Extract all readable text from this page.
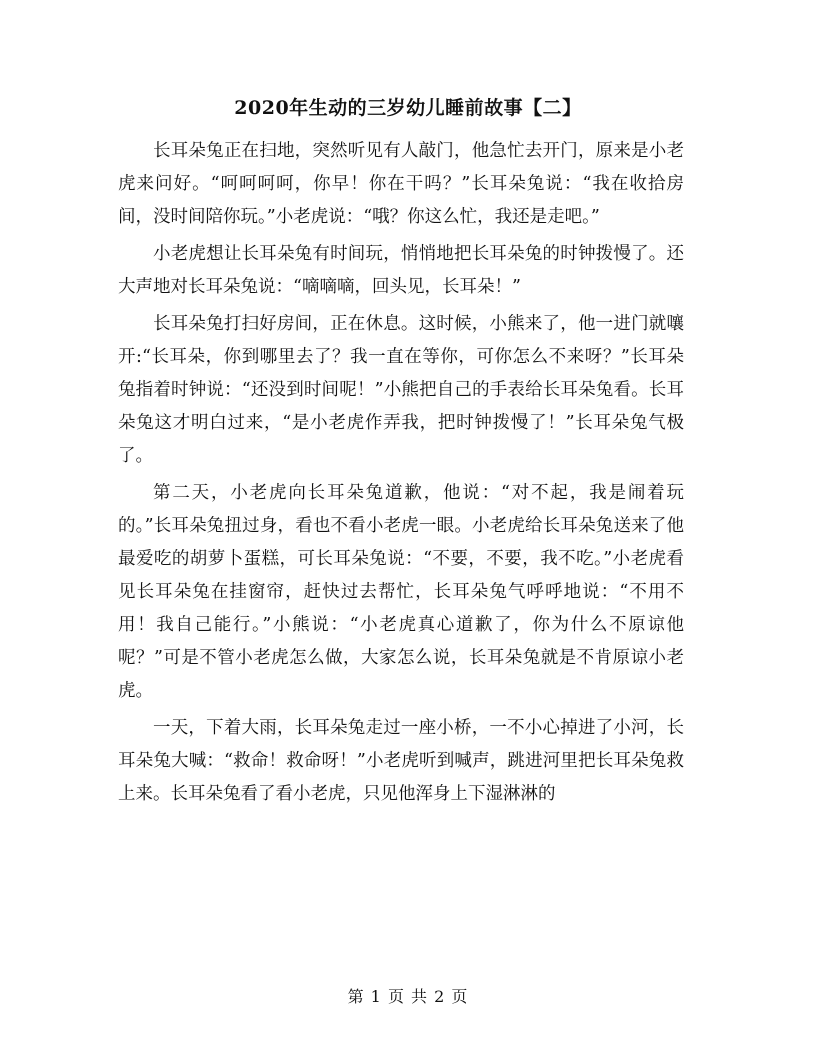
2020年生动的三岁幼儿睡前故事【二】

长耳朵兔正在扫地，突然听见有人敲门，他急忙去开门，原来是小老虎来问好。“呵呵呵呵，你早！你在干吗？”长耳朵兔说：“我在收拾房间，没时间陪你玩。”小老虎说：“哦？你这么忙，我还是走吧。”

小老虎想让长耳朵兔有时间玩，悄悄地把长耳朵兔的时钟拨慢了。还大声地对长耳朵兔说：“嘀嘀嘀，回头见，长耳朵！”

长耳朵兔打扫好房间，正在休息。这时候，小熊来了，他一进门就嚷开:“长耳朵，你到哪里去了？我一直在等你，可你怎么不来呀？”长耳朵兔指着时钟说：“还没到时间呢！”小熊把自己的手表给长耳朵兔看。长耳朵兔这才明白过来，“是小老虎作弄我，把时钟拨慢了！”长耳朵兔气极了。

第二天，小老虎向长耳朵兔道歉，他说：“对不起，我是闹着玩的。”长耳朵兔扭过身，看也不看小老虎一眼。小老虎给长耳朵兔送来了他最爱吃的胡萝卜蛋糕，可长耳朵兔说：“不要，不要，我不吃。”小老虎看见长耳朵兔在挂窗帘，赶快过去帮忙，长耳朵兔气呼呼地说：“不用不用！我自己能行。”小熊说：“小老虎真心道歉了，你为什么不原谅他呢？”可是不管小老虎怎么做，大家怎么说，长耳朵兔就是不肯原谅小老虎。

一天，下着大雨，长耳朵兔走过一座小桥，一不小心掉进了小河，长耳朵兔大喊：“救命！救命呀！”小老虎听到喊声，跳进河里把长耳朵兔救上来。长耳朵兔看了看小老虎，只见他浑身上下湿淋淋的

第 1 页 共 2 页
